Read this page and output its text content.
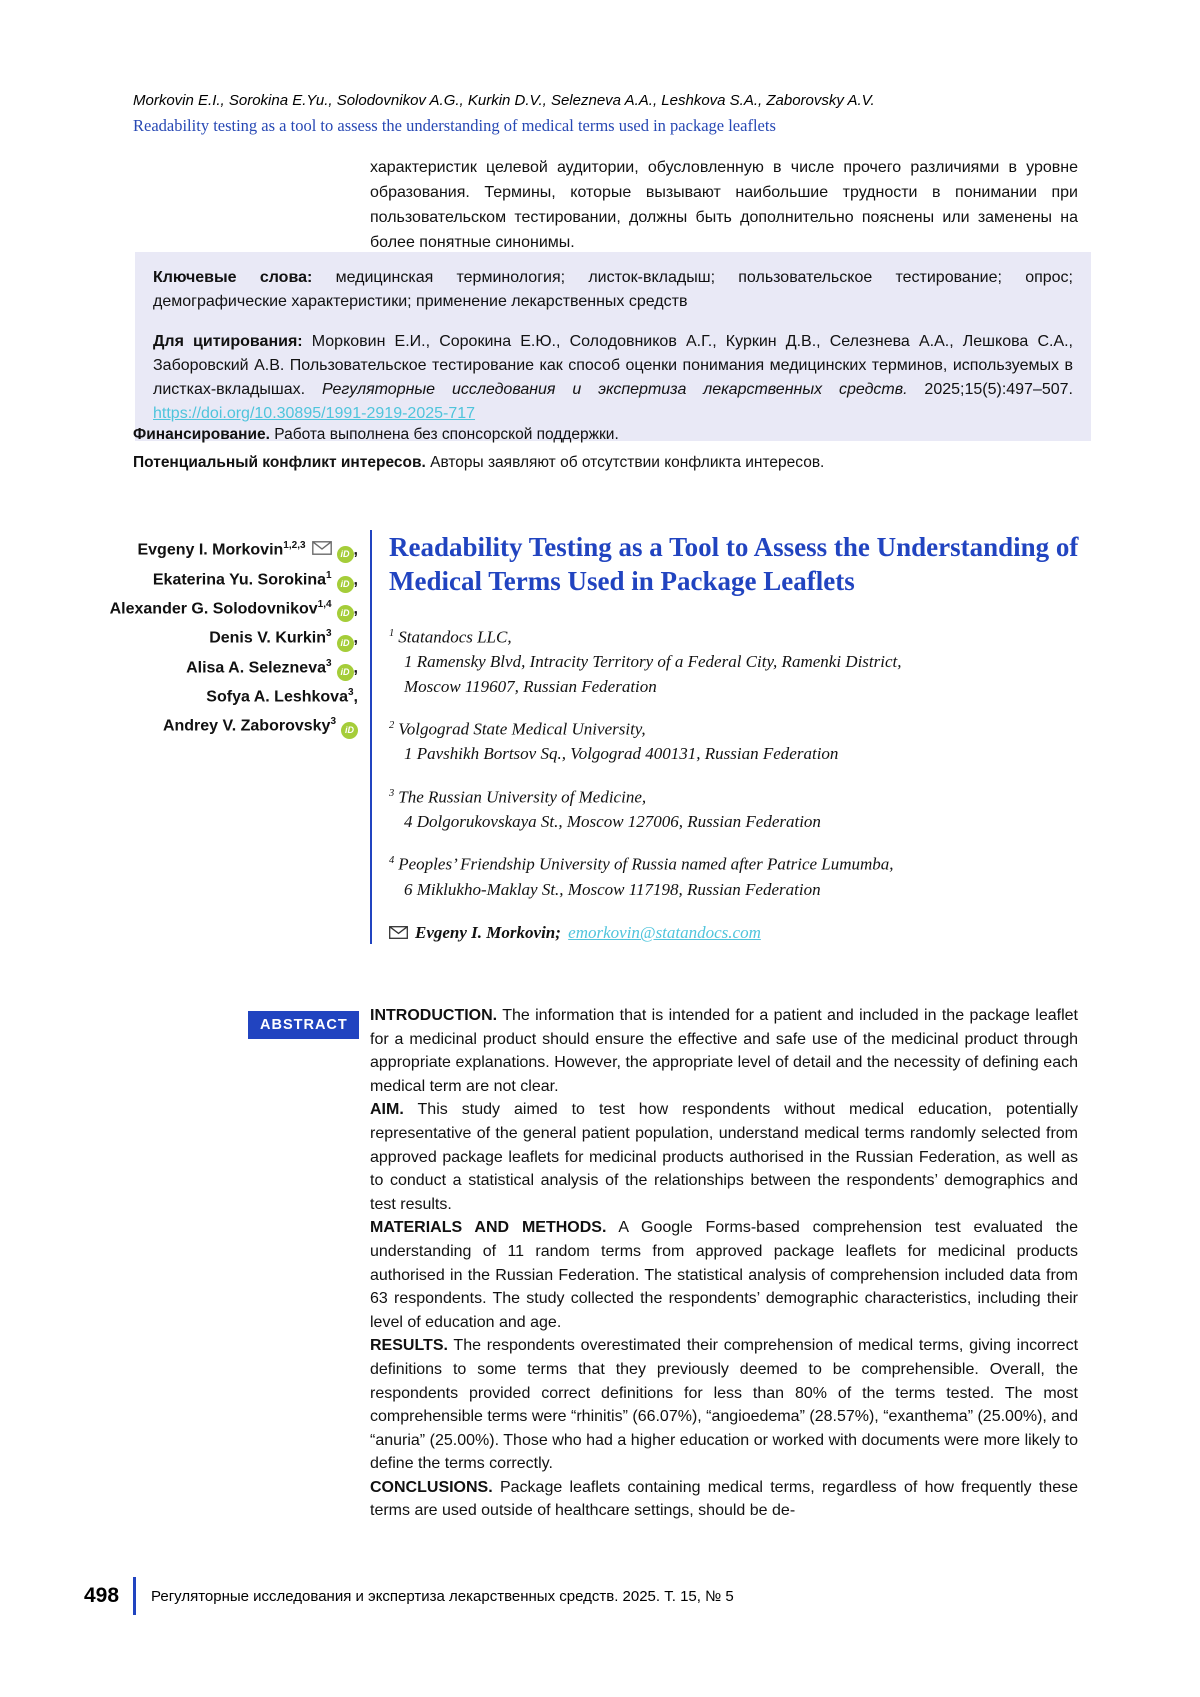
Morkovin E.I., Sorokina E.Yu., Solodovnikov A.G., Kurkin D.V., Selezneva A.A., Leshkova S.A., Zaborovsky A.V.
Readability testing as a tool to assess the understanding of medical terms used in package leaflets

характеристик целевой аудитории, обусловленную в числе прочего различиями в уровне образования. Термины, которые вызывают наибольшие трудности в понимании при пользовательском тестировании, должны быть дополнительно пояснены или заменены на более понятные синонимы.

Ключевые слова: медицинская терминология; листок-вкладыш; пользовательское тестирование; опрос; демографические характеристики; применение лекарственных средств

Для цитирования: Морковин Е.И., Сорокина Е.Ю., Солодовников А.Г., Куркин Д.В., Селезнева А.А., Лешкова С.А., Заборовский А.В. Пользовательское тестирование как способ оценки понимания медицинских терминов, используемых в листках-вкладышах. Регуляторные исследования и экспертиза лекарственных средств. 2025;15(5):497–507. https://doi.org/10.30895/1991-2919-2025-717

Финансирование. Работа выполнена без спонсорской поддержки.

Потенциальный конфликт интересов. Авторы заявляют об отсутствии конфликта интересов.

Evgeny I. Morkovin$^{1,2,3}$ iD	,
Ekaterina Yu. Sorokina$^1$ iD ,
Alexander G. Solodovnikov$^{1,4}$ iD ,
Denis V. Kurkin$^3$ iD ,
Alisa A. Selezneva$^3$ iD ,
Sofya A. Leshkova$^3$,
Andrey V. Zaborovsky$^3$iD
Readability Testing as a Tool to Assess the Understanding of Medical Terms Used in Package Leaflets
$^1$ Statandocs LLC,
1 Ramensky Blvd, Intracity Territory of a Federal City, Ramenki District,
Moscow 119607, Russian Federation
$^2$ Volgograd State Medical University,
1 Pavshikh Bortsov Sq., Volgograd 400131, Russian Federation
$^3$ The Russian University of Medicine,
4 Dolgorukovskaya St., Moscow 127006, Russian Federation
$^4$ Peoples’ Friendship University of Russia named after Patrice Lumumba,
6 Miklukho-Maklay St., Moscow 117198, Russian Federation
Evgeny I. Morkovin; emorkovin@statandocs.com
ABSTRACT

INTRODUCTION. The information that is intended for a patient and included in the package leaflet for a medicinal product should ensure the effective and safe use of the medicinal product through appropriate explanations. However, the appropriate level of detail and the necessity of defining each medical term are not clear.

AIM. This study aimed to test how respondents without medical education, potentially representative of the general patient population, understand medical terms randomly selected from approved package leaflets for medicinal products authorised in the Russian Federation, as well as to conduct a statistical analysis of the relationships between the respondents’ demographics and test results.

MATERIALS AND METHODS. A Google Forms-based comprehension test evaluated the understanding of 11 random terms from approved package leaflets for medicinal products authorised in the Russian Federation. The statistical analysis of comprehension included data from 63 respondents. The study collected the respondents’ demographic characteristics, including their level of education and age.

RESULTS. The respondents overestimated their comprehension of medical terms, giving incorrect definitions to some terms that they previously deemed to be comprehensible. Overall, the respondents provided correct definitions for less than 80% of the terms tested. The most comprehensible terms were “rhinitis” (66.07%), “angioedema” (28.57%), “exanthema” (25.00%), and “anuria” (25.00%). Those who had a higher education or worked with documents were more likely to define the terms correctly.

CONCLUSIONS. Package leaflets containing medical terms, regardless of how frequently these terms are used outside of healthcare settings, should be de-

498	Регуляторные исследования и экспертиза лекарственных средств. 2025. Т. 15, № 5
